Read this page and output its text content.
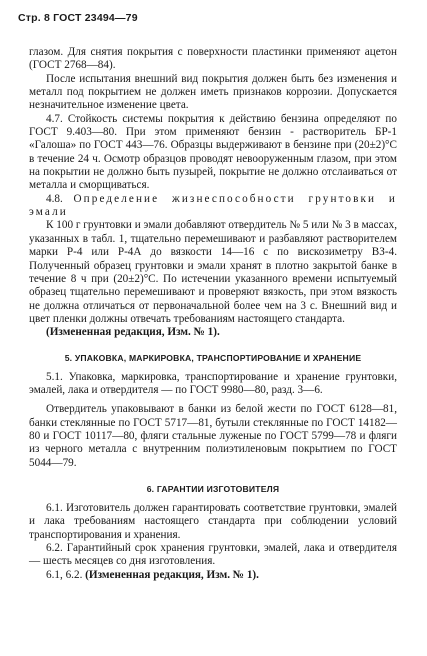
Стр. 8 ГОСТ 23494—79

глазом. Для снятия покрытия с поверхности пластинки применяют ацетон (ГОСТ 2768—84).

После испытания внешний вид покрытия должен быть без изменения и металл под покрытием не должен иметь признаков коррозии. Допускается незначительное изменение цвета.

4.7. Стойкость системы покрытия к действию бензина определяют по ГОСТ 9.403—80. При этом применяют бензин - растворитель БР-1 «Галоша» по ГОСТ 443—76. Образцы выдерживают в бензине при (20±2)°С в течение 24 ч. Осмотр образцов проводят невооруженным глазом, при этом на покрытии не должно быть пузырей, покрытие не должно отслаиваться от металла и сморщиваться.

4.8. Определение жизнеспособности грунтовки и эмали

К 100 г грунтовки и эмали добавляют отвердитель № 5 или № 3 в массах, указанных в табл. 1, тщательно перемешивают и разбавляют растворителем марки Р-4 или Р-4А до вязкости 14—16 с по вискозиметру ВЗ-4. Полученный образец грунтовки и эмали хранят в плотно закрытой банке в течение 8 ч при (20±2)°С. По истечении указанного времени испытуемый образец тщательно перемешивают и проверяют вязкость, при этом вязкость не должна отличаться от первоначальной более чем на 3 с. Внешний вид и цвет пленки должны отвечать требованиям настоящего стандарта.

(Измененная редакция, Изм. № 1).

5. УПАКОВКА, МАРКИРОВКА, ТРАНСПОРТИРОВАНИЕ И ХРАНЕНИЕ

5.1. Упаковка, маркировка, транспортирование и хранение грунтовки, эмалей, лака и отвердителя — по ГОСТ 9980—80, разд. 3—6.

Отвердитель упаковывают в банки из белой жести по ГОСТ 6128—81, банки стеклянные по ГОСТ 5717—81, бутыли стеклянные по ГОСТ 14182—80 и ГОСТ 10117—80, фляги стальные луженые по ГОСТ 5799—78 и фляги из черного металла с внутренним полиэтиленовым покрытием по ГОСТ 5044—79.

6. ГАРАНТИИ ИЗГОТОВИТЕЛЯ

6.1. Изготовитель должен гарантировать соответствие грунтовки, эмалей и лака требованиям настоящего стандарта при соблюдении условий транспортирования и хранения.

6.2. Гарантийный срок хранения грунтовки, эмалей, лака и отвердителя — шесть месяцев со дня изготовления.

6.1, 6.2. (Измененная редакция, Изм. № 1).
